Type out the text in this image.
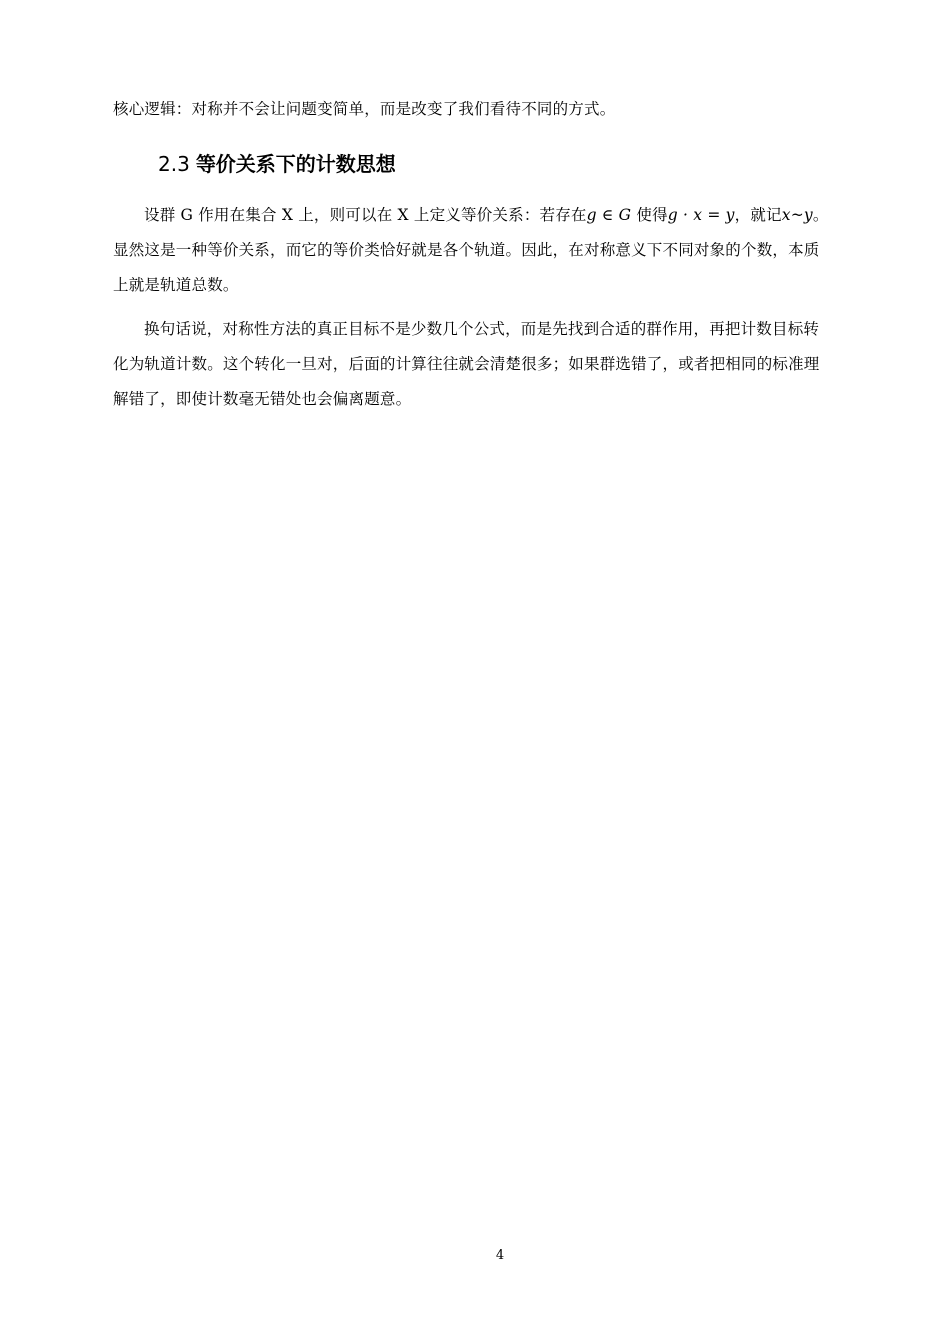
核心逻辑：对称并不会让问题变简单，而是改变了我们看待不同的方式。
2.3 等价关系下的计数思想
设群 G 作用在集合 X 上，则可以在 X 上定义等价关系：若存在g ∈ G 使得g · x = y，就记x~y。
显然这是一种等价关系，而它的等价类恰好就是各个轨道。因此，在对称意义下不同对象的个数，本质
上就是轨道总数。
换句话说，对称性方法的真正目标不是少数几个公式，而是先找到合适的群作用，再把计数目标转
化为轨道计数。这个转化一旦对，后面的计算往往就会清楚很多；如果群选错了，或者把相同的标准理
解错了，即使计数毫无错处也会偏离题意。
4
